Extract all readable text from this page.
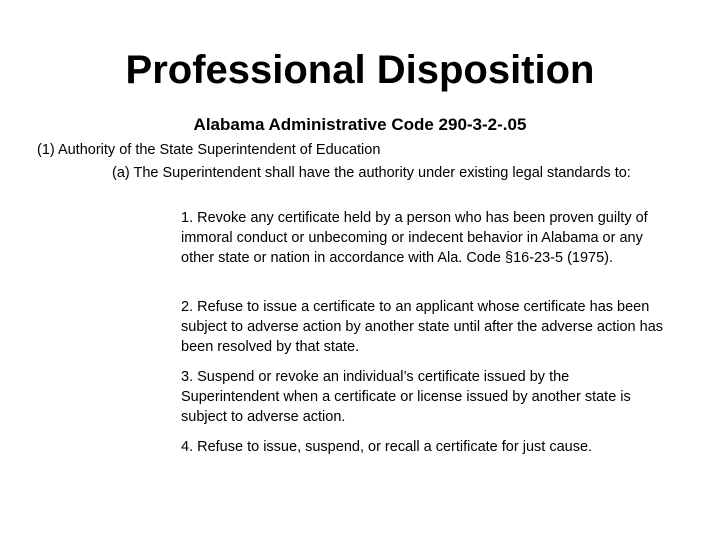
Professional Disposition
Alabama Administrative Code 290-3-2-.05
(1) Authority of the State Superintendent of Education
(a) The Superintendent shall have the authority under existing legal standards to:
1. Revoke any certificate held by a person who has been proven guilty of immoral conduct or unbecoming or indecent behavior in Alabama or any other state or nation in accordance with Ala. Code §16-23-5 (1975).
2. Refuse to issue a certificate to an applicant whose certificate has been subject to adverse action by another state until after the adverse action has been resolved by that state.
3. Suspend or revoke an individual’s certificate issued by the Superintendent when a certificate or license issued by another state is subject to adverse action.
4. Refuse to issue, suspend, or recall a certificate for just cause.
